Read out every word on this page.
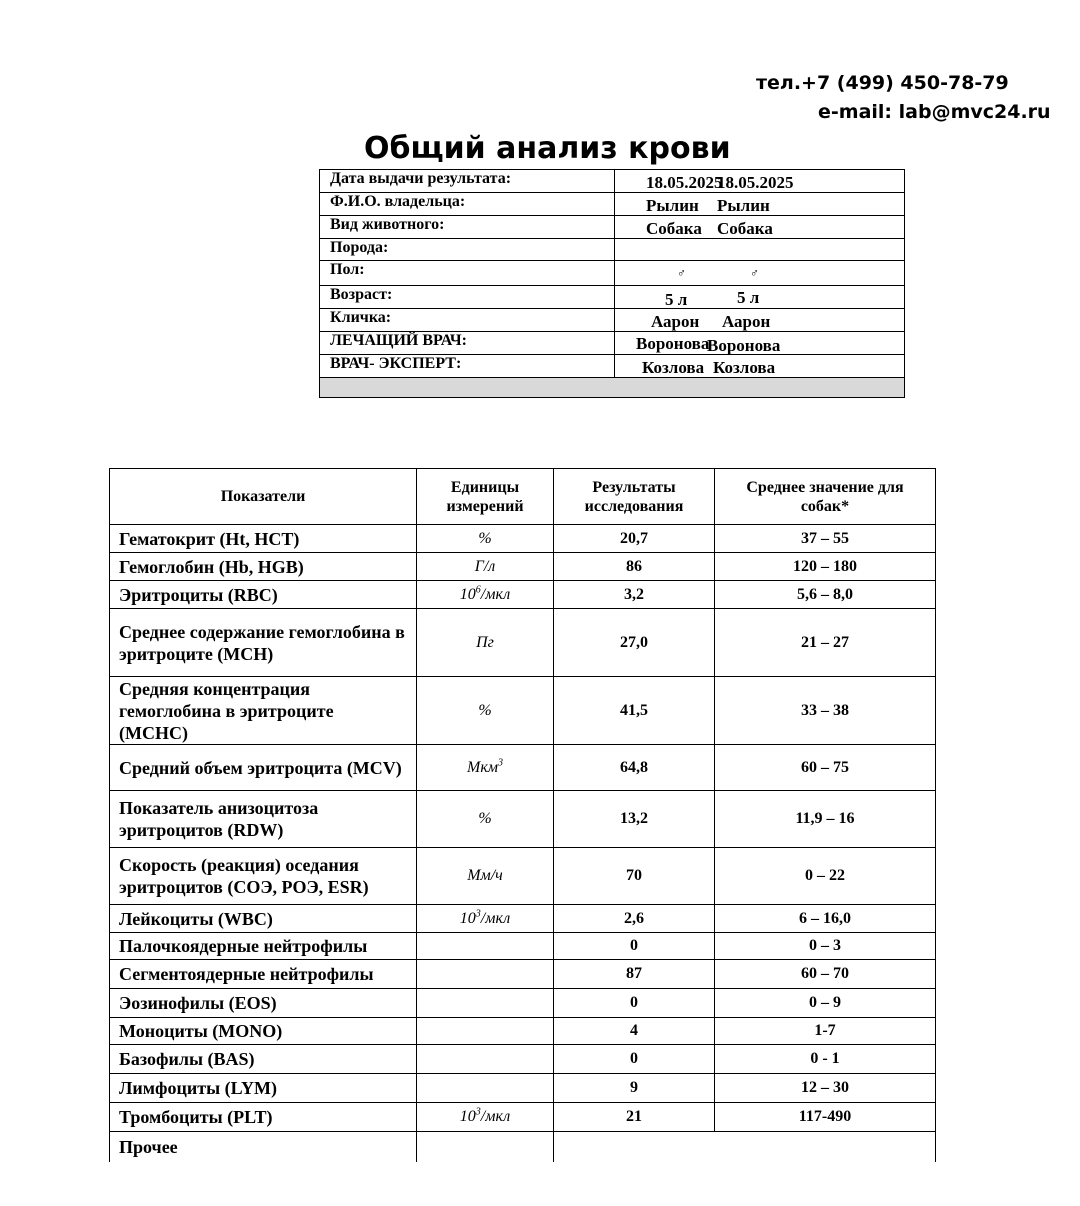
тел.+7 (499) 450-78-79
e-mail: lab@mvc24.ru
Общий анализ крови
Дата выдачи результата:	18.05.2025
18.05.2025

Ф.И.О. владельца:	Рылин Рылин

Вид животного:	Собака Собака

Порода:	

Пол:	♂ ♂

Возраст:	5 л 5 л

Кличка:	Аарон Аарон

ЛЕЧАЩИЙ ВРАЧ:	Воронова
Воронова

ВРАЧ- ЭКСПЕРТ:	Козлова Козлова

Показатели	Единицы измерений	Результаты исследования	Среднее значение для собак*
Гематокрит (Ht, HCT)	%	20,7	37 – 55
Гемоглобин (Hb, HGB)	Г/л	86	120 – 180
Эритроциты (RBC)	$10^6$/мкл	3,2	5,6 – 8,0
Среднее содержание гемоглобина в эритроците (MCH)	Пг	27,0	21 – 27
Средняя концентрация гемоглобина в эритроците (MCHC)	%	41,5	33 – 38
Средний объем эритроцита (MCV)	Мкм$^3$	64,8	60 – 75
Показатель анизоцитоза эритроцитов (RDW)	%	13,2	11,9 – 16
Скорость (реакция) оседания эритроцитов (СОЭ, РОЭ, ESR)	Мм/ч	70	0 – 22
Лейкоциты (WBC)	$10^3$/мкл	2,6	6 – 16,0
Палочкоядерные нейтрофилы		0	0 – 3
Сегментоядерные нейтрофилы		87	60 – 70
Эозинофилы (EOS)		0	0 – 9
Моноциты (MONO)		4	1-7
Базофилы (BAS)		0	0 - 1
Лимфоциты (LYM)		9	12 – 30
Тромбоциты (PLT)	$10^3$/мкл	21	117-490
Прочее			
